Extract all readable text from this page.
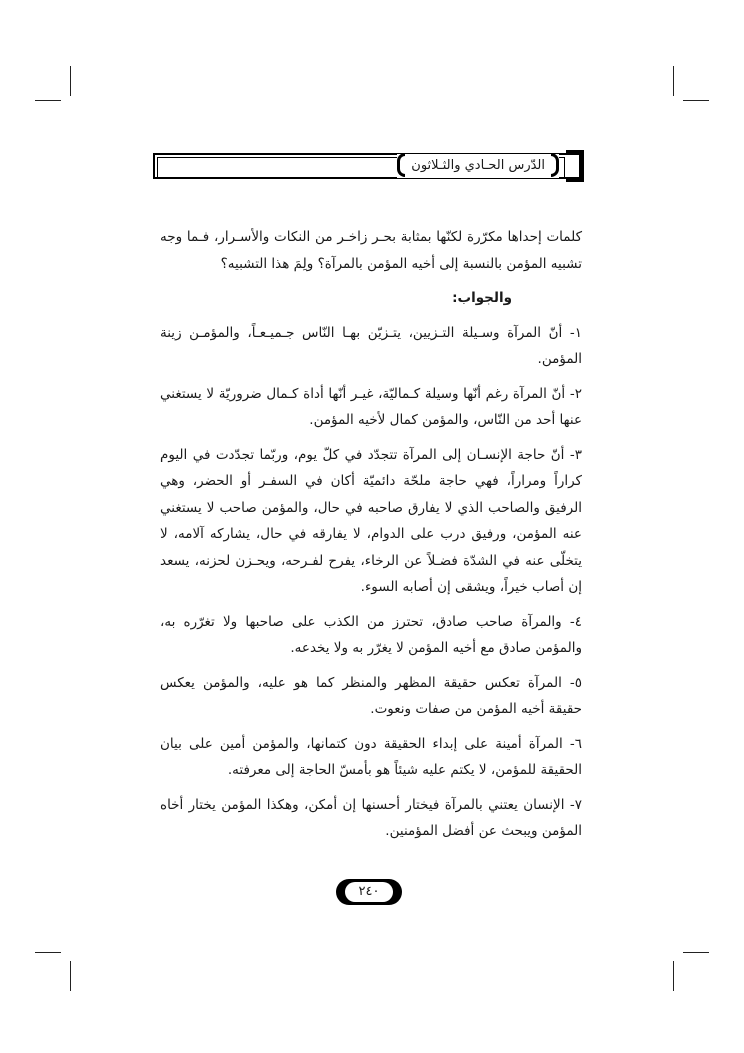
الدّرس الحـادي والثـلاثون

كلمات إحداها مكرّرة لكنّها بمثابة بحـر زاخـر من النكات والأسـرار، فـما وجه تشبيه المؤمن بالنسبة إلى أخيه المؤمن بالمرآة؟ ولِمَ هذا التشبيه؟

والجواب:

١- أنّ المرآة وسـيلة التـزيين، يتـزيّن بهـا النّاس جـميـعـاً، والمؤمـن زينة المؤمن.

٢- أنّ المرآة رغم أنّها وسيلة كـماليّة، غيـر أنّها أداة كـمال ضروريّة لا يستغني عنها أحد من النّاس، والمؤمن كمال لأخيه المؤمن.

٣- أنّ حاجة الإنسـان إلى المرآة تتجدّد في كلّ يوم، وربّما تجدّدت في اليوم كراراً ومراراً، فهي حاجة ملحّة دائميّة أكان في السفـر أو الحضر، وهي الرفيق والصاحب الذي لا يفارق صاحبه في حال، والمؤمن صاحب لا يستغني عنه المؤمن، ورفيق درب على الدوام، لا يفارقه في حال، يشاركه آلامه، لا يتخلّى عنه في الشدّة فضـلاً عن الرخاء، يفرح لفـرحه، ويحـزن لحزنه، يسعد إن أصاب خيراً، ويشقى إن أصابه السوء.

٤- والمرآة صاحب صادق، تحترز من الكذب على صاحبها ولا تغرّره به، والمؤمن صادق مع أخيه المؤمن لا يغرّر به ولا يخدعه.

٥- المرآة تعكس حقيقة المظهر والمنظر كما هو عليه، والمؤمن يعكس حقيقة أخيه المؤمن من صفات ونعوت.

٦- المرآة أمينة على إبداء الحقيقة دون كتمانها، والمؤمن أمين على بيان الحقيقة للمؤمن، لا يكتم عليه شيئاً هو بأمسّ الحاجة إلى معرفته.

٧- الإنسان يعتني بالمرآة فيختار أحسنها إن أمكن، وهكذا المؤمن يختار أخاه المؤمن ويبحث عن أفضل المؤمنين.

٢٤٠
